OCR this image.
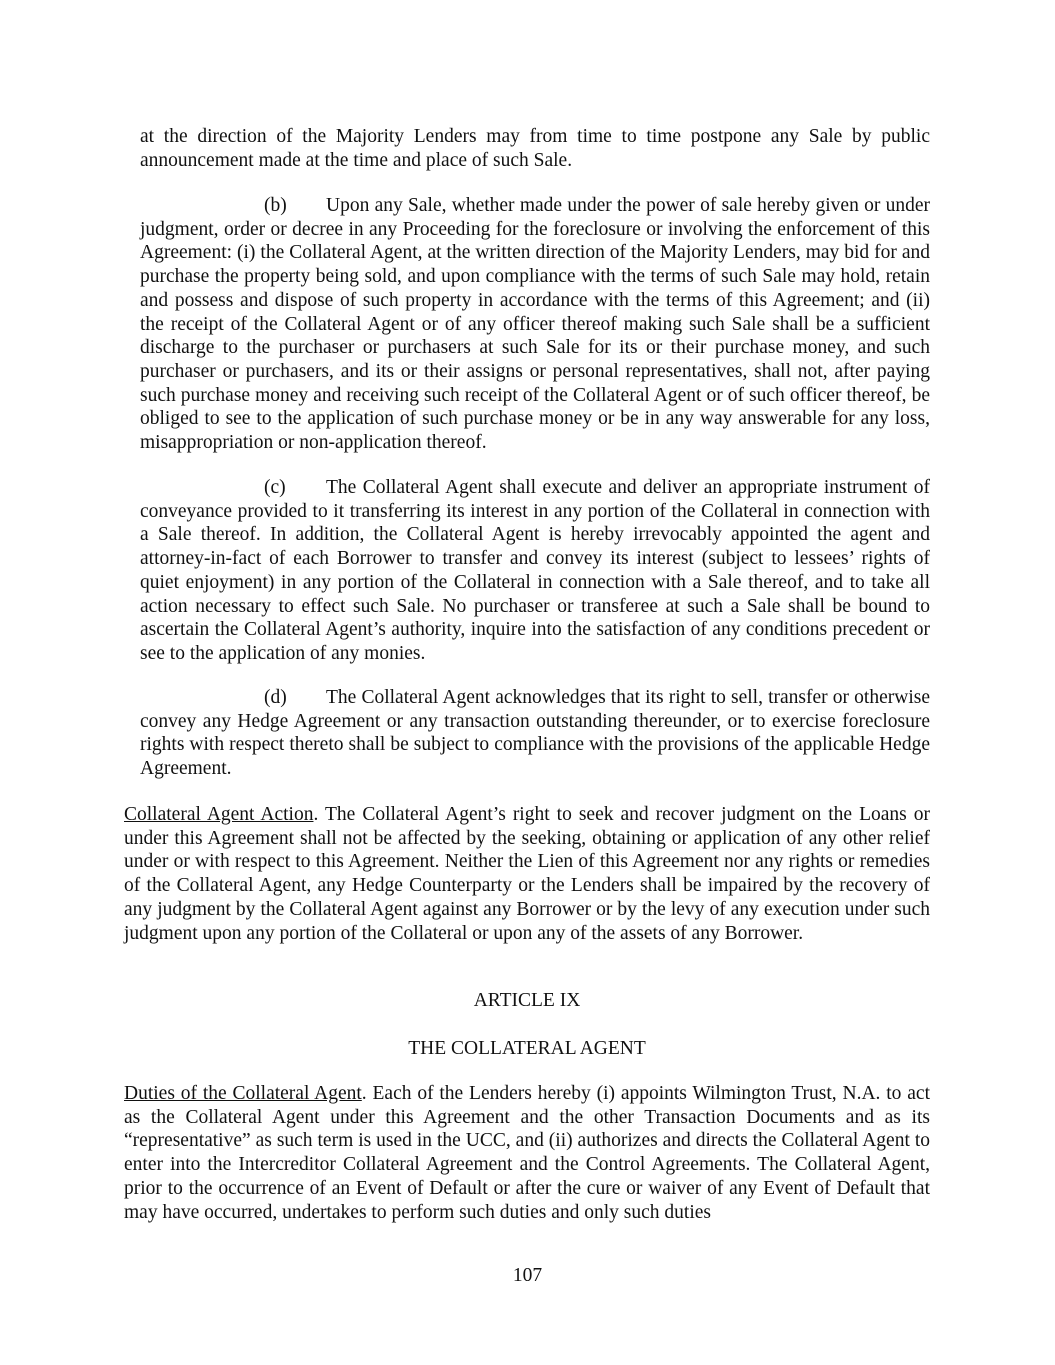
at the direction of the Majority Lenders may from time to time postpone any Sale by public announcement made at the time and place of such Sale.

(b) Upon any Sale, whether made under the power of sale hereby given or under judgment, order or decree in any Proceeding for the foreclosure or involving the enforcement of this Agreement: (i) the Collateral Agent, at the written direction of the Majority Lenders, may bid for and purchase the property being sold, and upon compliance with the terms of such Sale may hold, retain and possess and dispose of such property in accordance with the terms of this Agreement; and (ii) the receipt of the Collateral Agent or of any officer thereof making such Sale shall be a sufficient discharge to the purchaser or purchasers at such Sale for its or their purchase money, and such purchaser or purchasers, and its or their assigns or personal representatives, shall not, after paying such purchase money and receiving such receipt of the Collateral Agent or of such officer thereof, be obliged to see to the application of such purchase money or be in any way answerable for any loss, misappropriation or non-application thereof.

(c) The Collateral Agent shall execute and deliver an appropriate instrument of conveyance provided to it transferring its interest in any portion of the Collateral in connection with a Sale thereof. In addition, the Collateral Agent is hereby irrevocably appointed the agent and attorney-in-fact of each Borrower to transfer and convey its interest (subject to lessees’ rights of quiet enjoyment) in any portion of the Collateral in connection with a Sale thereof, and to take all action necessary to effect such Sale. No purchaser or transferee at such a Sale shall be bound to ascertain the Collateral Agent’s authority, inquire into the satisfaction of any conditions precedent or see to the application of any monies.

(d) The Collateral Agent acknowledges that its right to sell, transfer or otherwise convey any Hedge Agreement or any transaction outstanding thereunder, or to exercise foreclosure rights with respect thereto shall be subject to compliance with the provisions of the applicable Hedge Agreement.

Collateral Agent Action. The Collateral Agent’s right to seek and recover judgment on the Loans or under this Agreement shall not be affected by the seeking, obtaining or application of any other relief under or with respect to this Agreement. Neither the Lien of this Agreement nor any rights or remedies of the Collateral Agent, any Hedge Counterparty or the Lenders shall be impaired by the recovery of any judgment by the Collateral Agent against any Borrower or by the levy of any execution under such judgment upon any portion of the Collateral or upon any of the assets of any Borrower.

ARTICLE IX

THE COLLATERAL AGENT

Duties of the Collateral Agent. Each of the Lenders hereby (i) appoints Wilmington Trust, N.A. to act as the Collateral Agent under this Agreement and the other Transaction Documents and as its “representative” as such term is used in the UCC, and (ii) authorizes and directs the Collateral Agent to enter into the Intercreditor Collateral Agreement and the Control Agreements. The Collateral Agent, prior to the occurrence of an Event of Default or after the cure or waiver of any Event of Default that may have occurred, undertakes to perform such duties and only such duties

107
